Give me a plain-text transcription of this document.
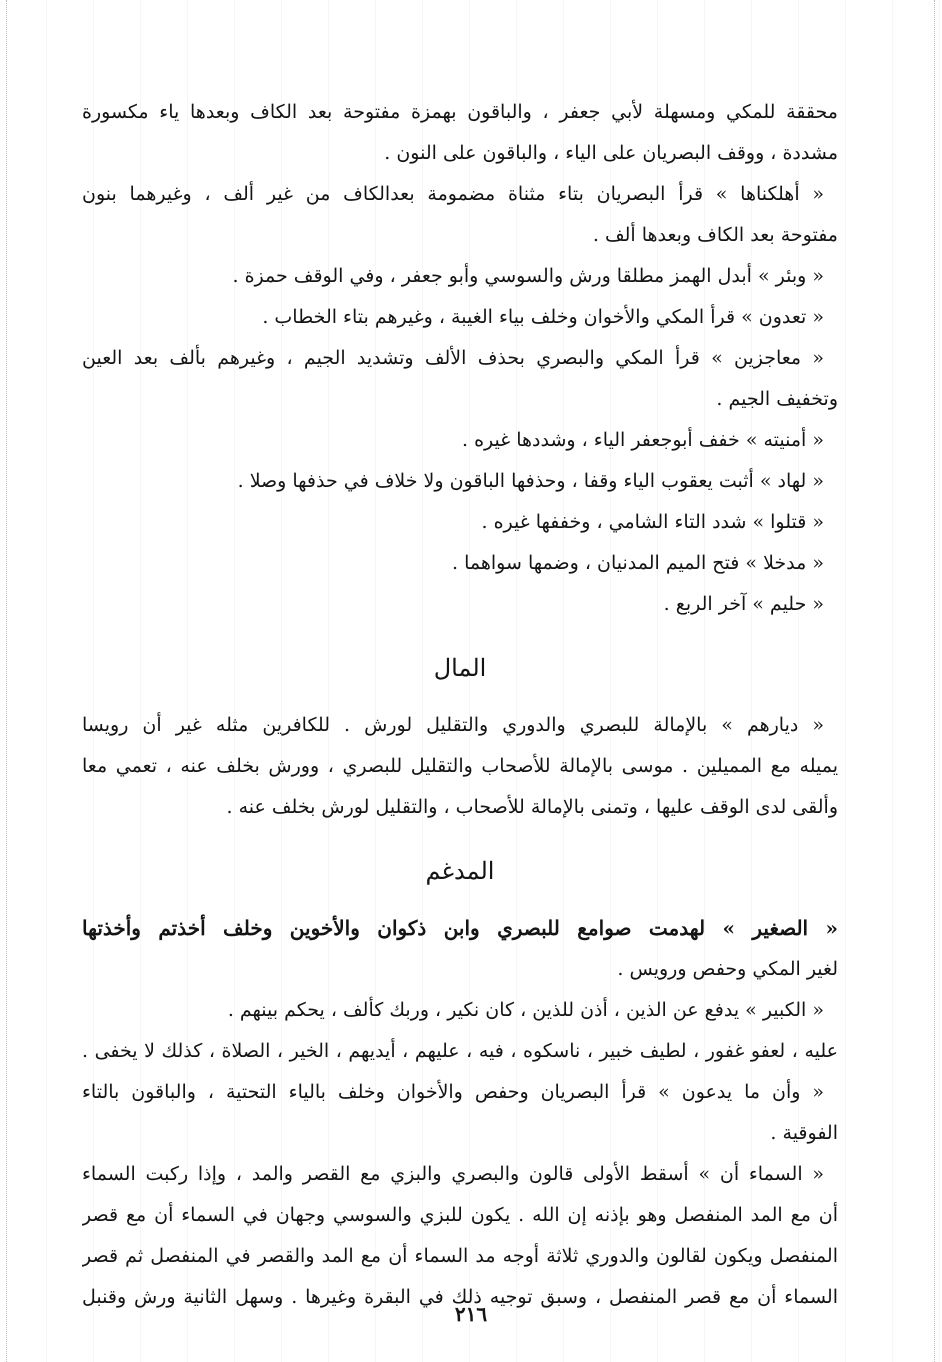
محققة للمكي ومسهلة لأبي جعفر ، والباقون بهمزة مفتوحة بعد الكاف وبعدها ياء مكسورة
مشددة ، ووقف البصريان على الياء ، والباقون على النون .
« أهلكناها » قرأ البصريان بتاء مثناة مضمومة بعدالكاف من غير ألف ، وغيرهما بنون
مفتوحة بعد الكاف وبعدها ألف .
« وبئر » أبدل الهمز مطلقا ورش والسوسي وأبو جعفر ، وفي الوقف حمزة .
« تعدون » قرأ المكي والأخوان وخلف بياء الغيبة ، وغيرهم بتاء الخطاب .
« معاجزين » قرأ المكي والبصري بحذف الألف وتشديد الجيم ، وغيرهم بألف بعد العين
وتخفيف الجيم .
« أمنيته » خفف أبوجعفر الياء ، وشددها غيره .
« لهاد » أثبت يعقوب الياء وقفا ، وحذفها الباقون ولا خلاف في حذفها وصلا .
« قتلوا » شدد التاء الشامي ، وخففها غيره .
« مدخلا » فتح الميم المدنيان ، وضمها سواهما .
« حليم » آخر الربع .
المال
« ديارهم » بالإمالة للبصري والدوري والتقليل لورش . للكافرين مثله غير أن رويسا
يميله مع المميلين . موسى بالإمالة للأصحاب والتقليل للبصري ، وورش بخلف عنه ، تعمي معا
وألقى لدى الوقف عليها ، وتمنى بالإمالة للأصحاب ، والتقليل لورش بخلف عنه .
المدغم
« الصغير » لهدمت صوامع للبصري وابن ذكوان والأخوين وخلف أخذتم وأخذتها
لغير المكي وحفص ورويس .
« الكبير » يدفع عن الذين ، أذن للذين ، كان نكير ، وربك كألف ، يحكم بينهم .
عليه ، لعفو غفور ، لطيف خبير ، ناسكوه ، فيه ، عليهم ، أيديهم ، الخير ، الصلاة ، كذلك لا يخفى .
« وأن ما يدعون » قرأ البصريان وحفص والأخوان وخلف بالياء التحتية ، والباقون بالتاء
الفوقية .
« السماء أن » أسقط الأولى قالون والبصري والبزي مع القصر والمد ، وإذا ركبت السماء
أن مع المد المنفصل وهو بإذنه إن الله . يكون للبزي والسوسي وجهان في السماء أن مع قصر
المنفصل ويكون لقالون والدوري ثلاثة أوجه مد السماء أن مع المد والقصر في المنفصل ثم قصر
السماء أن مع قصر المنفصل ، وسبق توجيه ذلك في البقرة وغيرها . وسهل الثانية ورش وقنبل
٢١٦
